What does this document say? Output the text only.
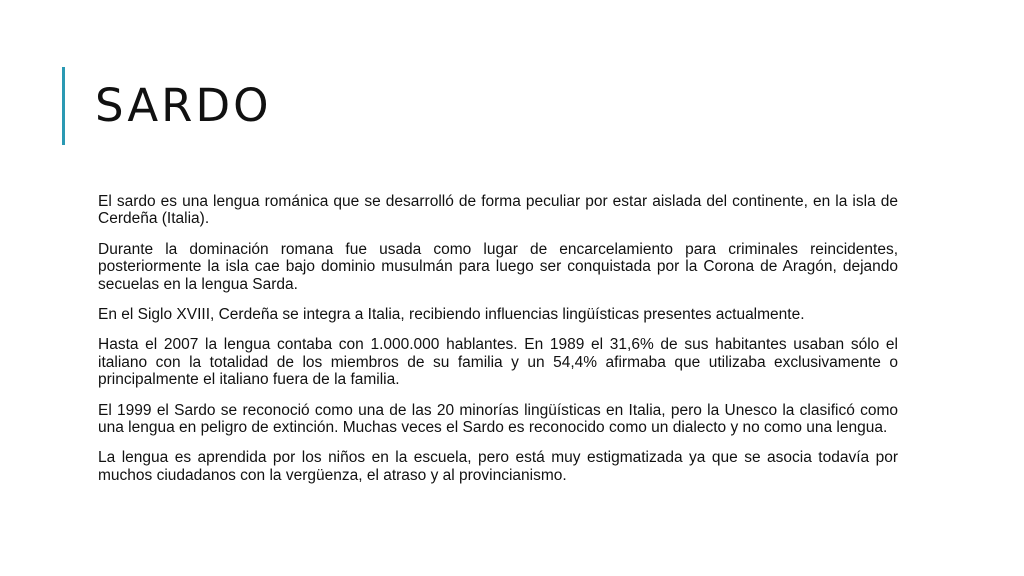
SARDO

El sardo es una lengua románica que se desarrolló de forma peculiar por estar aislada del continente, en la isla de Cerdeña (Italia).

Durante la dominación romana fue usada como lugar de encarcelamiento para criminales reincidentes, posteriormente la isla cae bajo dominio musulmán para luego ser conquistada por la Corona de Aragón, dejando secuelas en la lengua Sarda.

En el Siglo XVIII, Cerdeña se integra a Italia, recibiendo influencias lingüísticas presentes actualmente.

Hasta el 2007 la lengua contaba con 1.000.000 hablantes. En 1989 el 31,6% de sus habitantes usaban sólo el italiano con la totalidad de los miembros de su familia y un 54,4% afirmaba que utilizaba exclusivamente o principalmente el italiano fuera de la familia.

El 1999 el Sardo se reconoció como una de las 20 minorías lingüísticas en Italia, pero la Unesco la clasificó como una lengua en peligro de extinción. Muchas veces el Sardo es reconocido como un dialecto y no como una lengua.

La lengua es aprendida por los niños en la escuela, pero está muy estigmatizada ya que se asocia todavía por muchos ciudadanos con la vergüenza, el atraso y al provincianismo.
